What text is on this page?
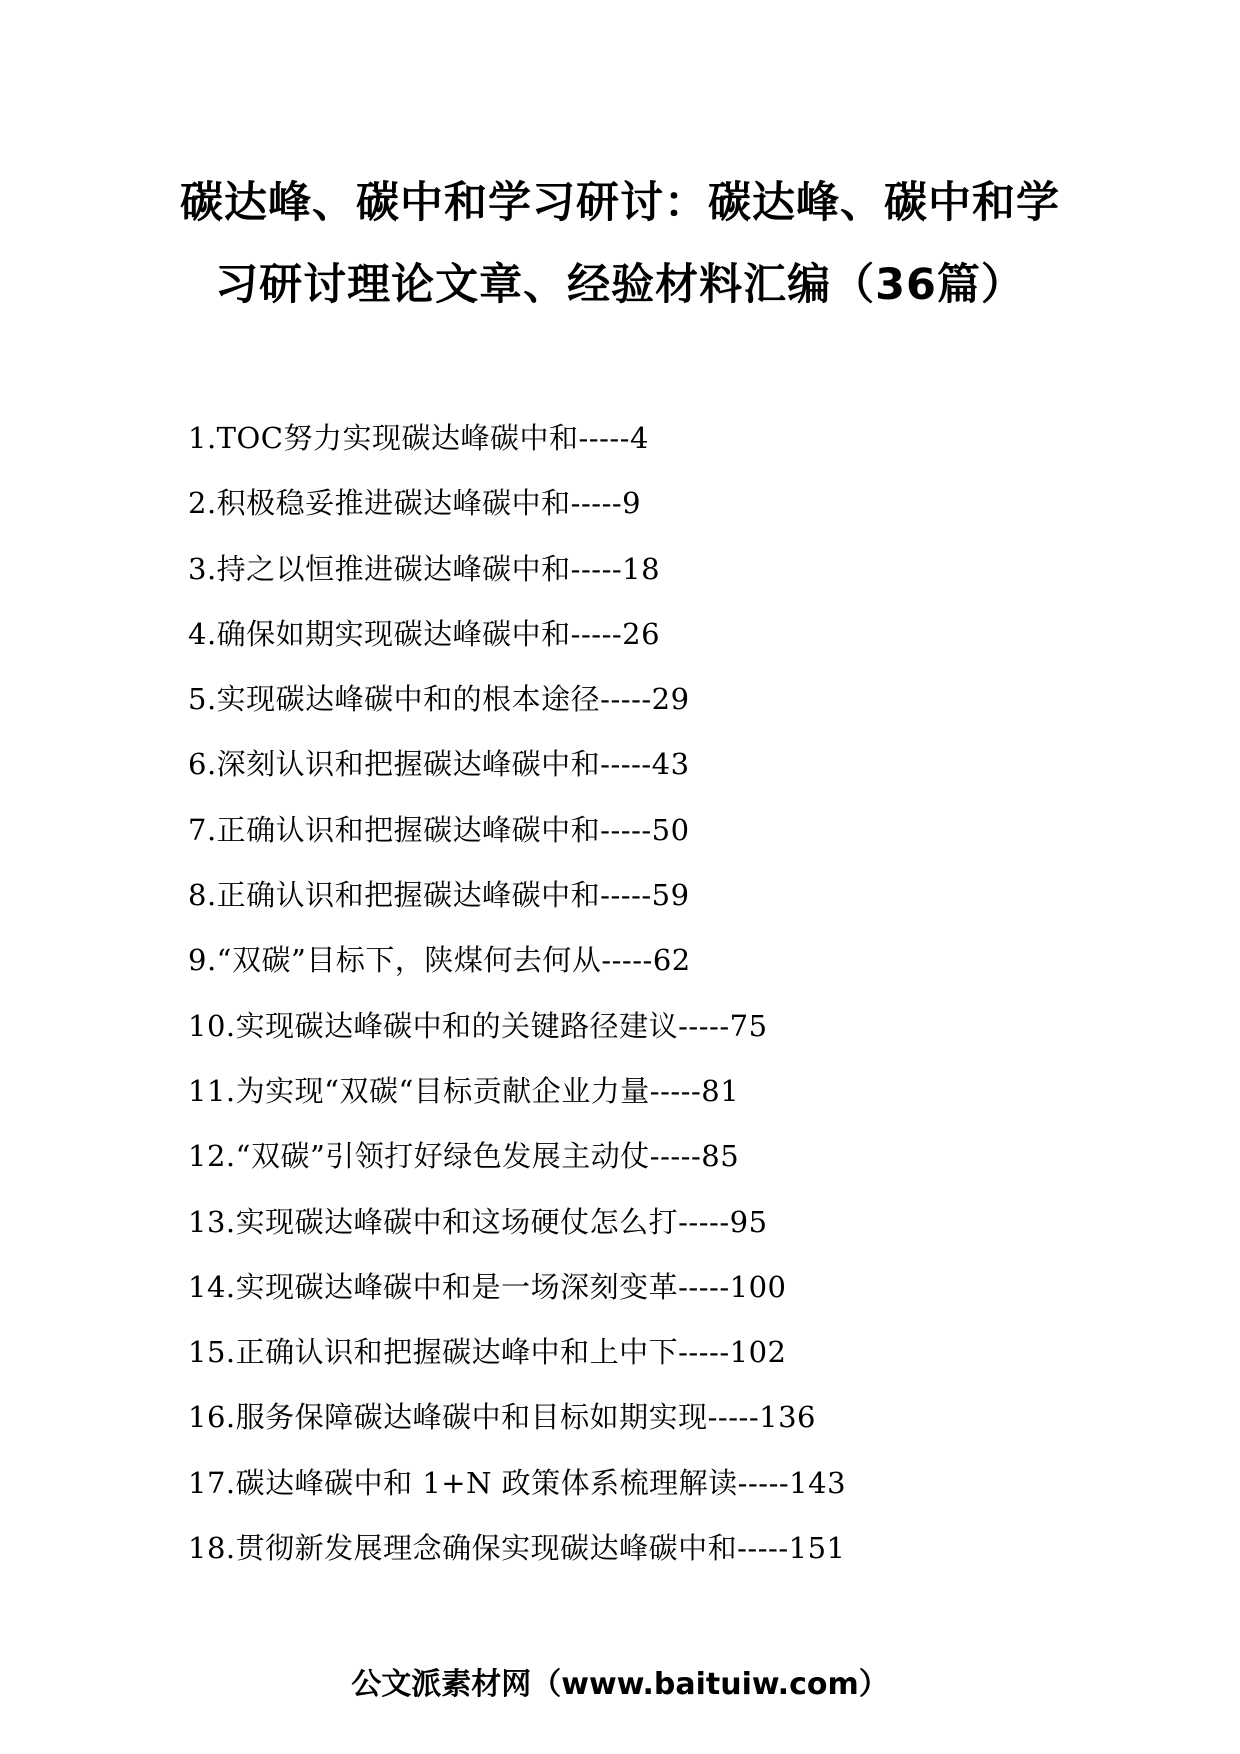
碳达峰、碳中和学习研讨：碳达峰、碳中和学习研讨理论文章、经验材料汇编（36篇）
1.TOC努力实现碳达峰碳中和-----4
2.积极稳妥推进碳达峰碳中和-----9
3.持之以恒推进碳达峰碳中和-----18
4.确保如期实现碳达峰碳中和-----26
5.实现碳达峰碳中和的根本途径-----29
6.深刻认识和把握碳达峰碳中和-----43
7.正确认识和把握碳达峰碳中和-----50
8.正确认识和把握碳达峰碳中和-----59
9.“双碳”目标下，陕煤何去何从-----62
10.实现碳达峰碳中和的关键路径建议-----75
11.为实现“双碳“目标贡献企业力量-----81
12.“双碳”引领打好绿色发展主动仗-----85
13.实现碳达峰碳中和这场硬仗怎么打-----95
14.实现碳达峰碳中和是一场深刻变革-----100
15.正确认识和把握碳达峰中和上中下-----102
16.服务保障碳达峰碳中和目标如期实现-----136
17.碳达峰碳中和 1+N 政策体系梳理解读-----143
18.贯彻新发展理念确保实现碳达峰碳中和-----151

公文派素材网（www.baituiw.com）
